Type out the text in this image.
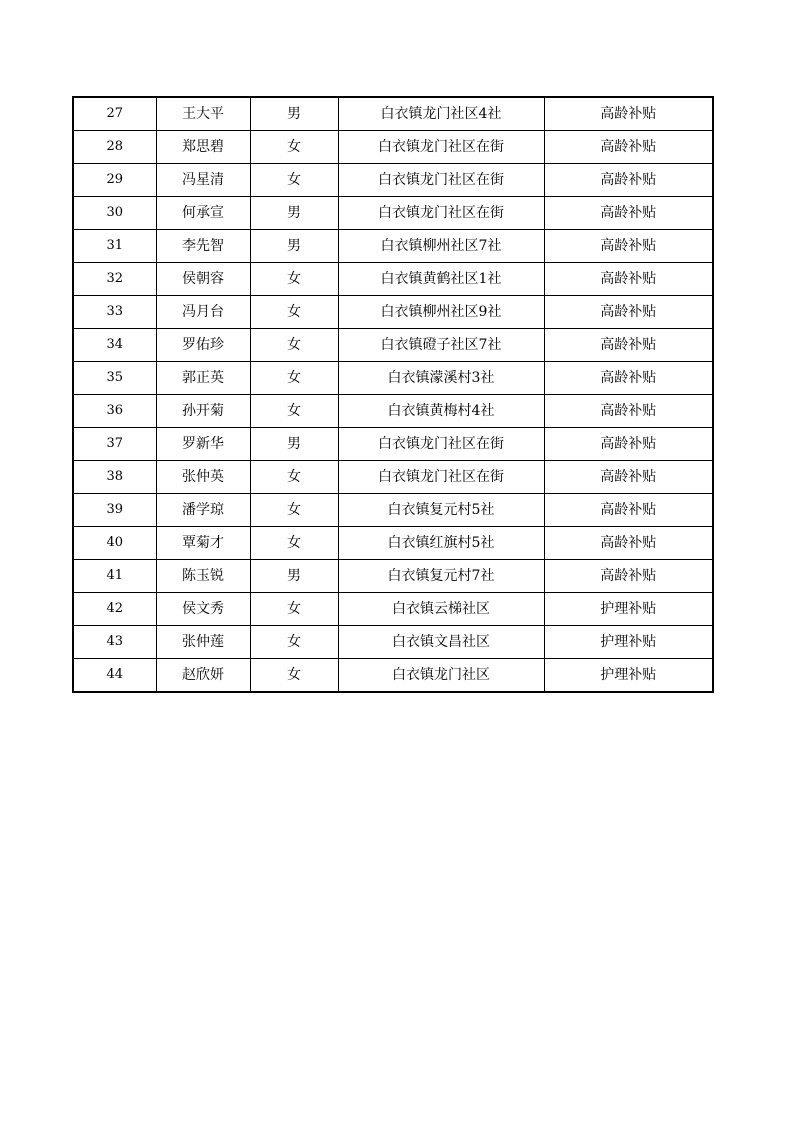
27	王大平	男	白衣镇龙门社区4社	高龄补贴
28	郑思碧	女	白衣镇龙门社区在街	高龄补贴
29	冯星清	女	白衣镇龙门社区在街	高龄补贴
30	何承宣	男	白衣镇龙门社区在街	高龄补贴
31	李先智	男	白衣镇柳州社区7社	高龄补贴
32	侯朝容	女	白衣镇黄鹤社区1社	高龄补贴
33	冯月台	女	白衣镇柳州社区9社	高龄补贴
34	罗佑珍	女	白衣镇磴子社区7社	高龄补贴
35	郭正英	女	白衣镇濛溪村3社	高龄补贴
36	孙开菊	女	白衣镇黄梅村4社	高龄补贴
37	罗新华	男	白衣镇龙门社区在街	高龄补贴
38	张仲英	女	白衣镇龙门社区在街	高龄补贴
39	潘学琼	女	白衣镇复元村5社	高龄补贴
40	覃菊才	女	白衣镇红旗村5社	高龄补贴
41	陈玉锐	男	白衣镇复元村7社	高龄补贴
42	侯文秀	女	白衣镇云梯社区	护理补贴
43	张仲莲	女	白衣镇文昌社区	护理补贴
44	赵欣妍	女	白衣镇龙门社区	护理补贴
